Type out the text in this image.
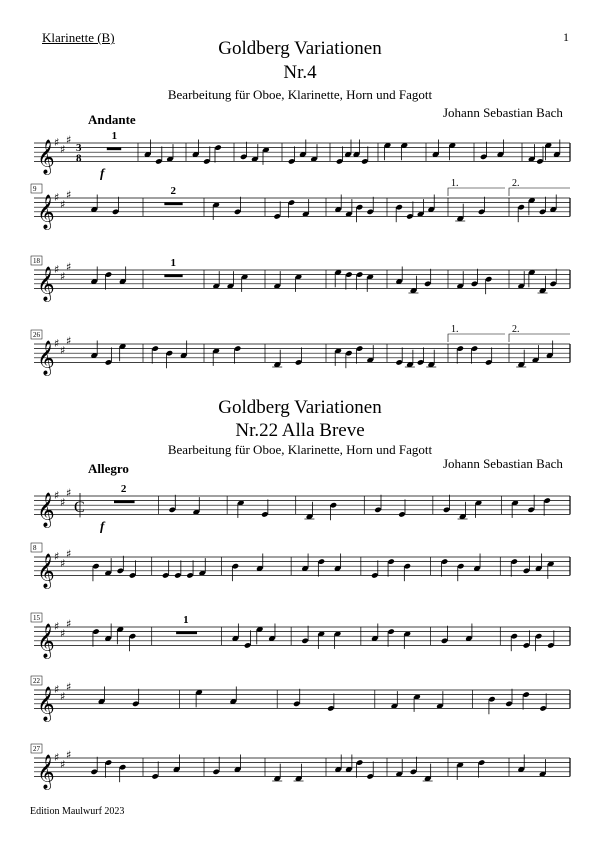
Klarinette (B)	1
Goldberg Variationen
Nr.4
Bearbeitung für Oboe, Klarinette, Horn und Fagott
Johann Sebastian Bach
Andante
Goldberg Variationen
Nr.22 Alla Breve
Bearbeitung für Oboe, Klarinette, Horn und Fagott
Johann Sebastian Bach
Allegro
Edition Maulwurf 2023
𝄞 ♯
♯
♯
3
8
f
1
9
𝄞 ♯
♯
♯	2
1.	2.
18
𝄞 ♯
♯
♯	1
26
𝄞 ♯
♯
♯
1.	2.
𝄞 ♯
♯
♯
C
f
2
8
𝄞 ♯
♯
♯
15
𝄞 ♯
♯
♯	1
22
𝄞 ♯
♯
♯
27
𝄞 ♯
♯
♯
